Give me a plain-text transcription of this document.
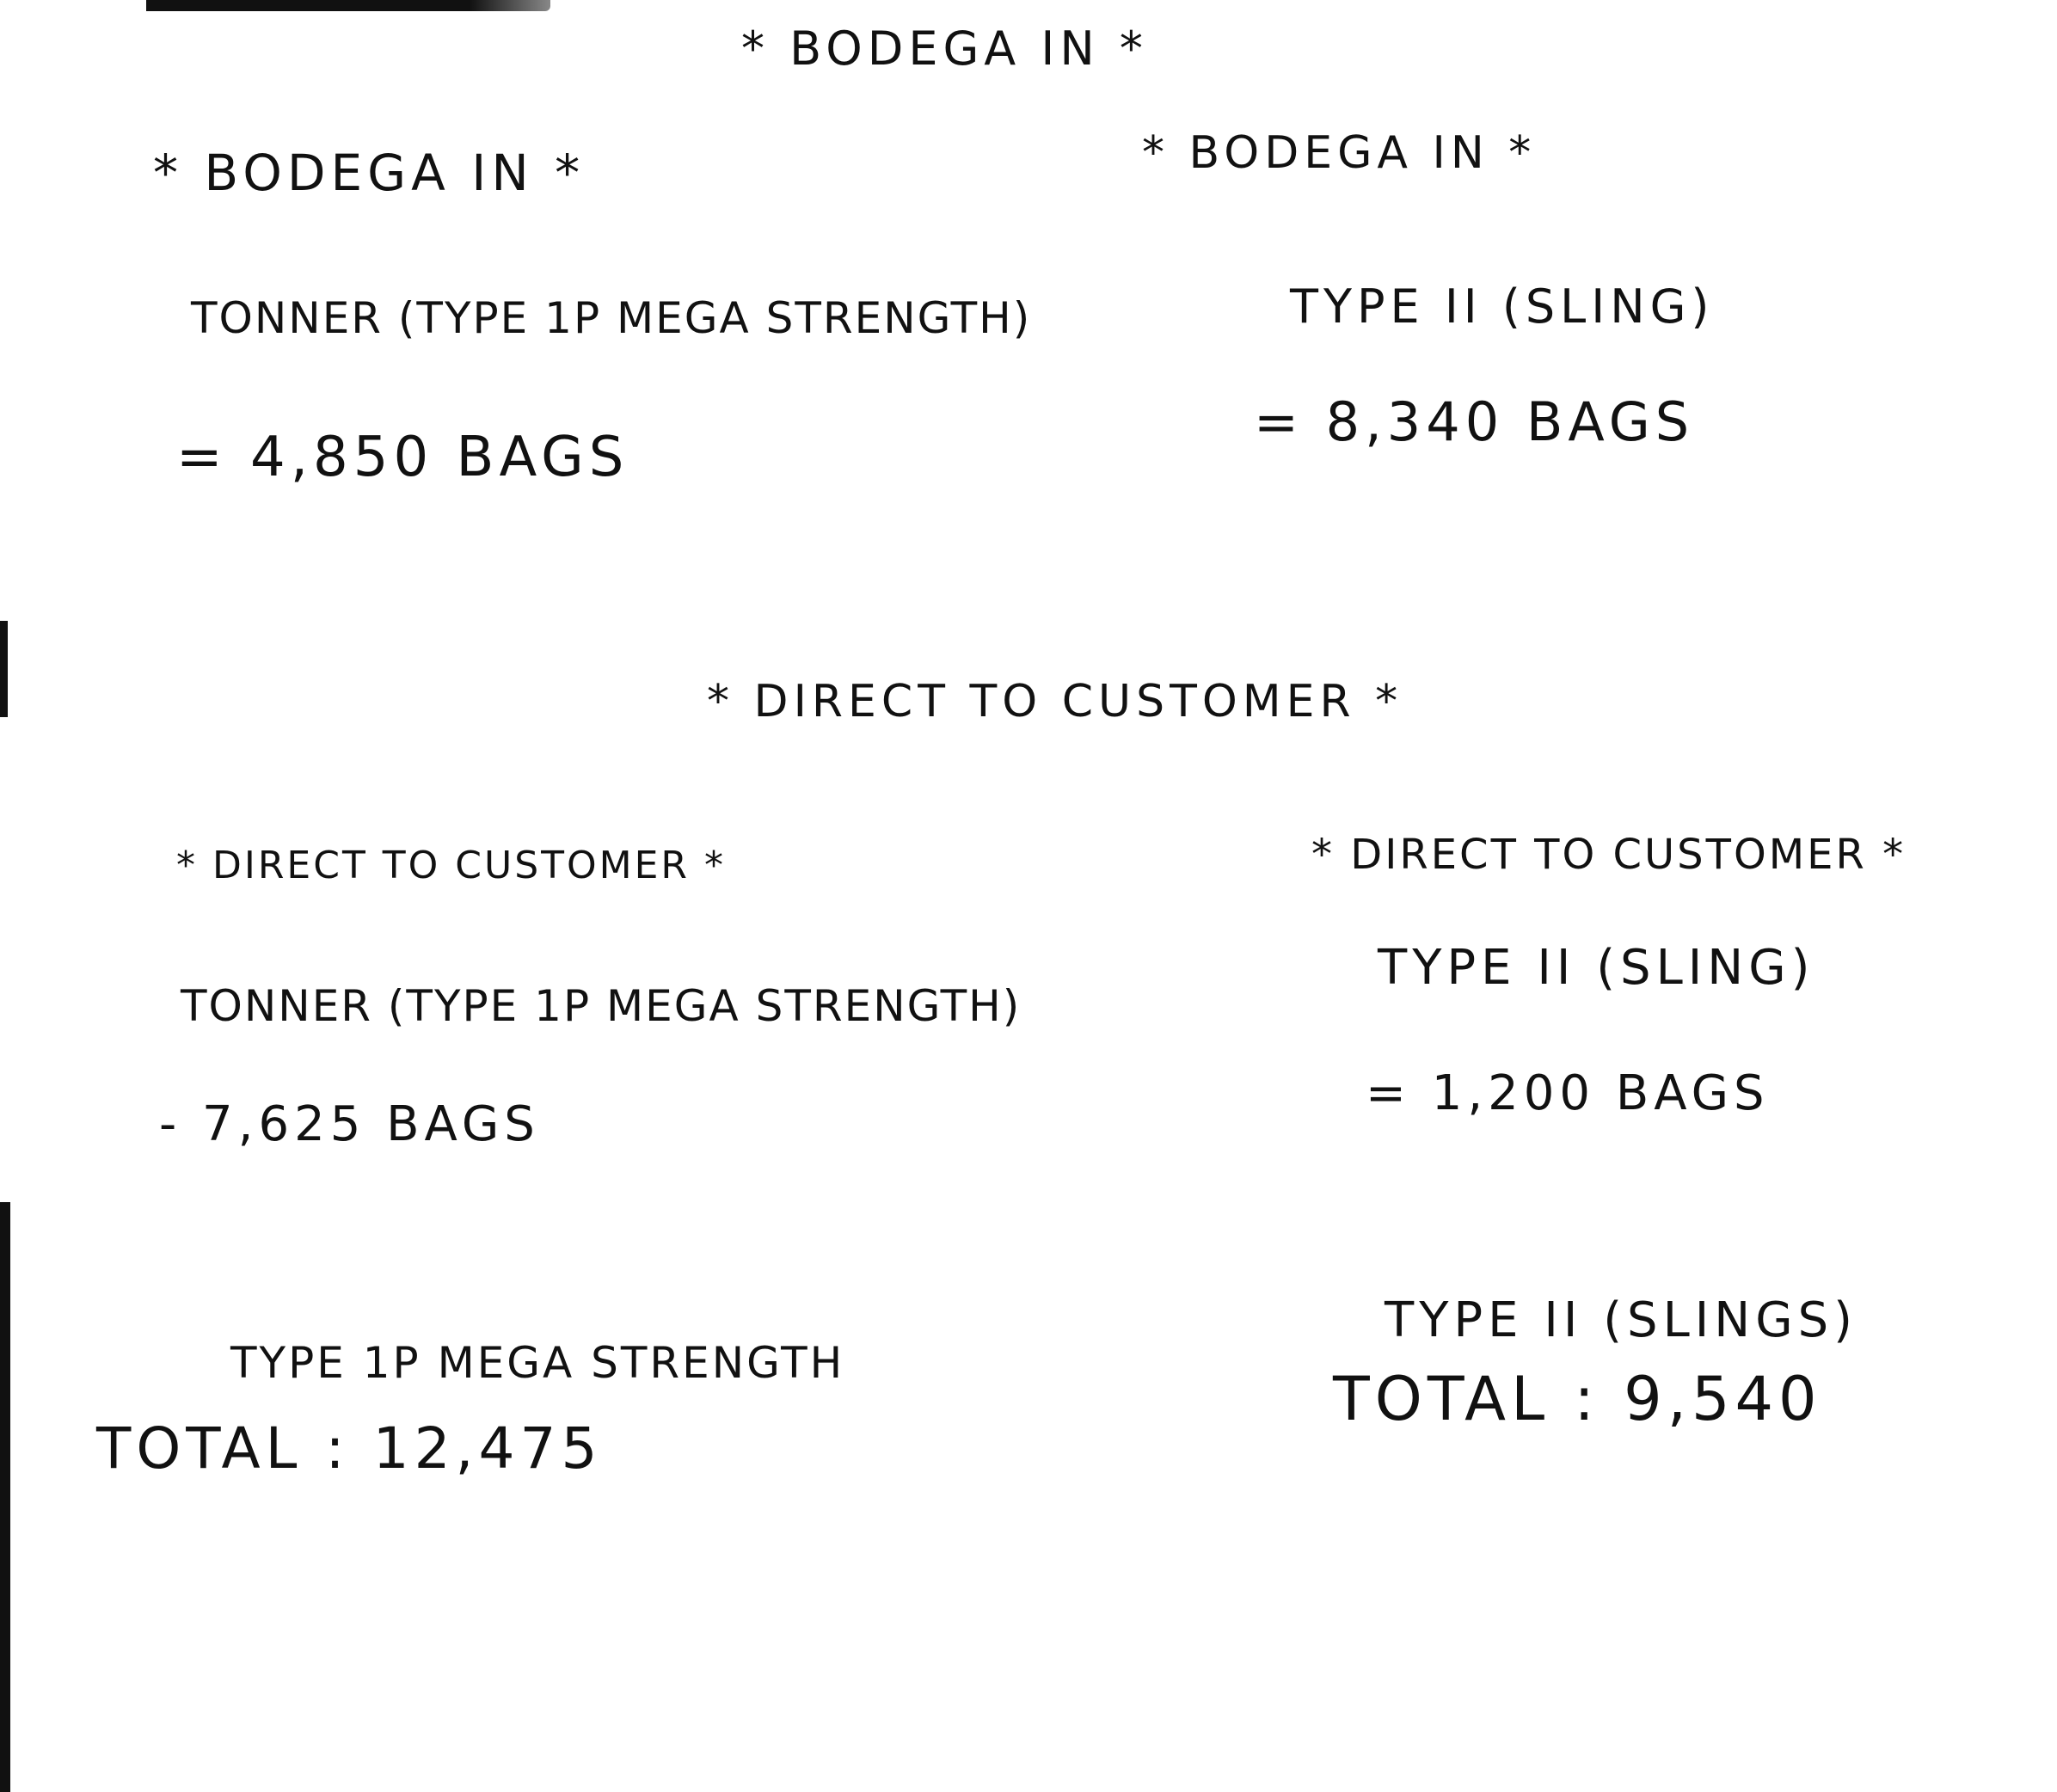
* BODEGA IN *
* BODEGA IN *
TONNER (TYPE 1P MEGA STRENGTH)
= 4,850 BAGS
* BODEGA IN *
TYPE II (SLING)
= 8,340 BAGS
* DIRECT TO CUSTOMER *
* DIRECT TO CUSTOMER *
TONNER (TYPE 1P MEGA STRENGTH)
- 7,625 BAGS
* DIRECT TO CUSTOMER *
TYPE II (SLING)
= 1,200 BAGS
TYPE 1P MEGA STRENGTH
TOTAL : 12,475
TYPE II (SLINGS)
TOTAL : 9,540
